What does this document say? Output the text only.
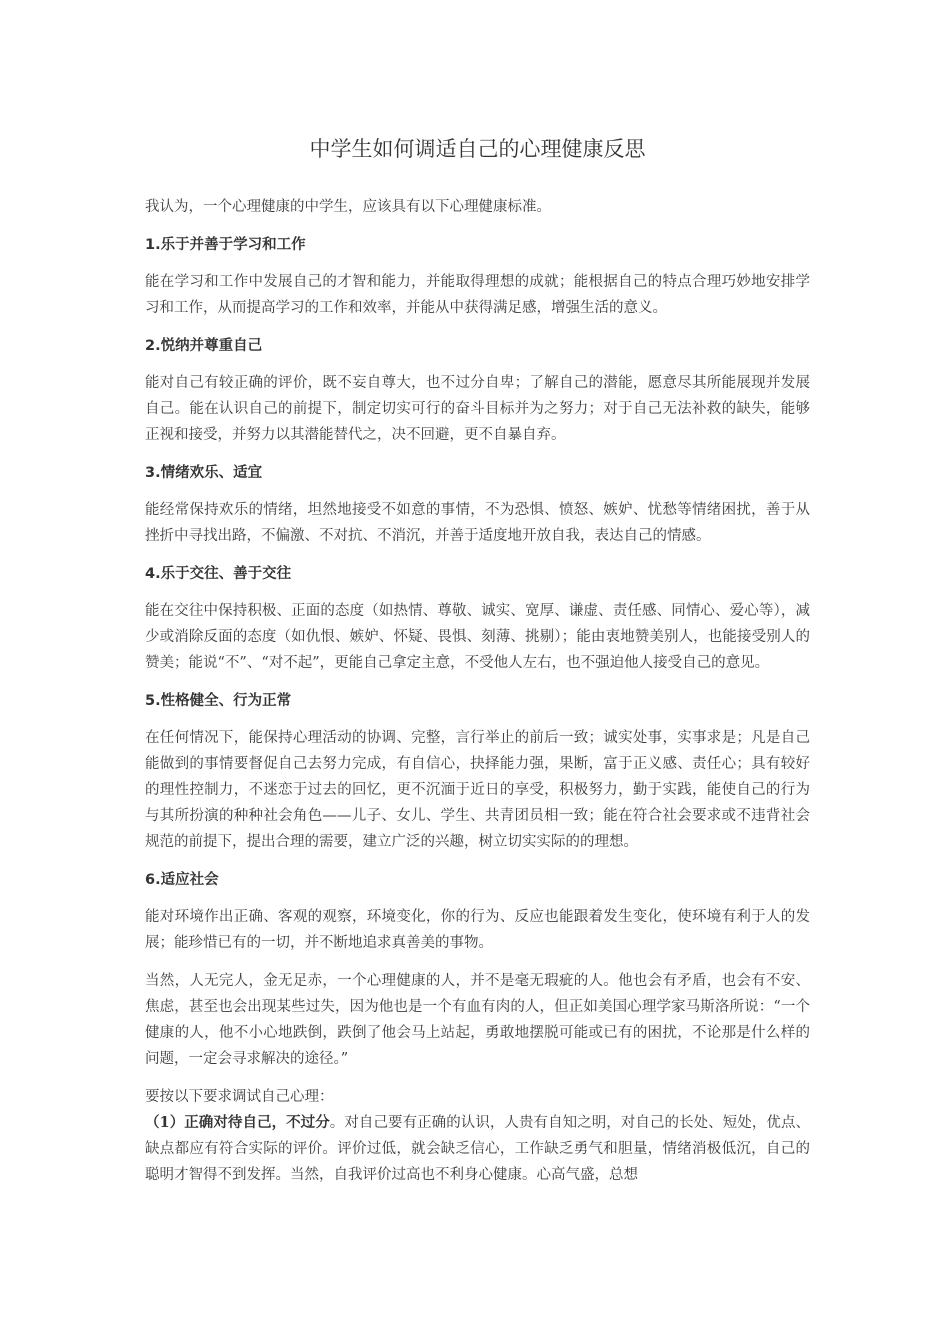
中学生如何调适自己的心理健康反思

我认为，一个心理健康的中学生，应该具有以下心理健康标准。

1.乐于并善于学习和工作

能在学习和工作中发展自己的才智和能力，并能取得理想的成就；能根据自己的特点合理巧妙地安排学习和工作，从而提高学习的工作和效率，并能从中获得满足感，增强生活的意义。

2.悦纳并尊重自己

能对自己有较正确的评价，既不妄自尊大，也不过分自卑；了解自己的潜能，愿意尽其所能展现并发展自己。能在认识自己的前提下，制定切实可行的奋斗目标并为之努力；对于自己无法补救的缺失，能够正视和接受，并努力以其潜能替代之，决不回避，更不自暴自弃。

3.情绪欢乐、适宜

能经常保持欢乐的情绪，坦然地接受不如意的事情，不为恐惧、愤怒、嫉妒、忧愁等情绪困扰，善于从挫折中寻找出路，不偏激、不对抗、不消沉，并善于适度地开放自我，表达自己的情感。

4.乐于交往、善于交往

能在交往中保持积极、正面的态度（如热情、尊敬、诚实、宽厚、谦虚、责任感、同情心、爱心等），减少或消除反面的态度（如仇恨、嫉妒、怀疑、畏惧、刻薄、挑剔）；能由衷地赞美别人，也能接受别人的赞美；能说“不”、“对不起”，更能自己拿定主意，不受他人左右，也不强迫他人接受自己的意见。

5.性格健全、行为正常

在任何情况下，能保持心理活动的协调、完整，言行举止的前后一致；诚实处事，实事求是；凡是自己能做到的事情要督促自己去努力完成，有自信心，抉择能力强，果断，富于正义感、责任心；具有较好的理性控制力，不迷恋于过去的回忆，更不沉湎于近日的享受，积极努力，勤于实践，能使自己的行为与其所扮演的种种社会角色——儿子、女儿、学生、共青团员相一致；能在符合社会要求或不违背社会规范的前提下，提出合理的需要，建立广泛的兴趣，树立切实实际的的理想。

6.适应社会

能对环境作出正确、客观的观察，环境变化，你的行为、反应也能跟着发生变化，使环境有利于人的发展；能珍惜已有的一切，并不断地追求真善美的事物。

当然，人无完人，金无足赤，一个心理健康的人，并不是毫无瑕疵的人。他也会有矛盾，也会有不安、焦虑，甚至也会出现某些过失，因为他也是一个有血有肉的人，但正如美国心理学家马斯洛所说：“一个健康的人，他不小心地跌倒，跌倒了他会马上站起，勇敢地摆脱可能或已有的困扰，不论那是什么样的问题，一定会寻求解决的途径。”

要按以下要求调试自己心理：

（1）正确对待自己，不过分。对自己要有正确的认识，人贵有自知之明，对自己的长处、短处，优点、缺点都应有符合实际的评价。评价过低，就会缺乏信心，工作缺乏勇气和胆量，情绪消极低沉，自己的聪明才智得不到发挥。当然，自我评价过高也不利身心健康。心高气盛，总想
